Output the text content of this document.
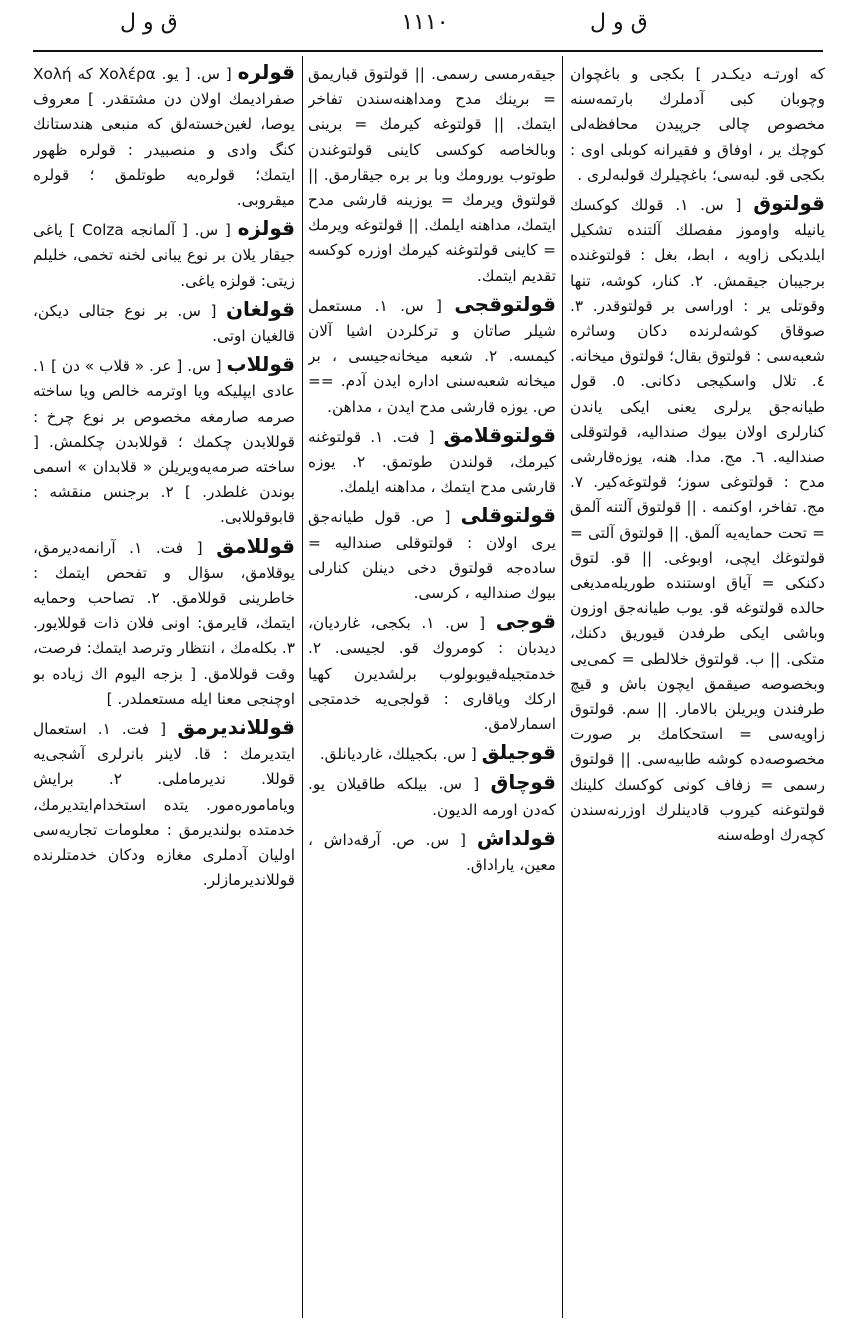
ق و ل	١١١٠	ق و ل
كه اورتـه دیكـدر ] بكجی و باغچوان وچوبان كبی آدملرك بارتمه‌سنه مخصوص چالی جرپیدن محافظه‌لی كوچك یر ، اوفاق و فقیرانه كوبلی اوی : بكجی قو. لبه‌سی؛ باغچیلرك قولبه‌لری .
قولتوق [ س. ١. قولك كوكسك یانیله واوموز مفصلك آلتنده تشكیل ایلدیكی زاویه ، ابط، بغل : قولتوغنده برجیبان جیقمش. ٢. كنار، كوشه، تنها وقوتلی یر : اوراسی بر قولتوقدر. ٣. صوقاق كوشه‌لرنده دكان وساثره شعبه‌سی : قولتوق بقال؛ قولتوق میخانه. ٤. تلال واسكیجی دكانی. ٥. قول طیانه‌جق یرلری یعنی ایكی یاندن كنارلری اولان بیوك صندالیه، قولتوقلی صندالیه. ٦. مج. مدا. هنه، یوزه‌قارشی مدح : قولتوغی سوز؛ قولتوغه‌كیر. ٧. مج. تفاخر، اوكنمه . || قولتوق آلتنه آلمق = تحت حمایه‌یه آلمق. || قولتوق آلتی = قولتوغك ایچی، اوبوغی. || قو. لتوق دكنكی = آیاق اوستنده طوریله‌مدیغی حالده قولتوغه قو. یوب طیانه‌جق اوزون وباشی ایكی طرفدن قیوریق دكنك، متكی. || ب. قولتوق خلالطی = كمی‌یی وبخصوصه صیقمق ایچون باش و قیچ طرفندن ویریلن بالامار. || سم. قولتوق زاویه‌سی = استحكامك بر صورت مخصوصه‌ده كوشه طابیه‌سی. || قولتوق رسمی = زفاف كونی كوكسك كلینك قولتوغنه كیروب قادینلرك اوزرنه‌سندن كچه‌رك اوطه‌سنه
جیقه‌رمسی رسمی. || قولتوق قباریمق = برینك مدح ومداهنه‌سندن تفاخر ایتمك. || قولتوغه كیرمك = برینی وبالخاصه كوكسی كاینی قولتوغندن طوتوب یورومك وبا بر بره جیقارمق. || قولتوق ویرمك = یوزینه قارشی مدح ایتمك، مداهنه ایلمك. || قولتوغه ویرمك = كاینی قولتوغنه كیرمك اوزره كوكسه تقدیم ایتمك.
قولتوقجی [ س. ١. مستعمل شیلر صاتان و تركلردن اشیا آلان كیمسه. ٢. شعبه میخانه‌جیسی ، بر میخانه شعبه‌سنی اداره ایدن آدم. == ص. یوزه قارشی مدح ایدن ، مداهن.
قولتوقلامق [ فت. ١. قولتوغنه كیرمك، قولندن طوتمق. ٢. یوزه قارشی مدح ایتمك ، مداهنه ایلمك.
قولتوقلی [ ص. قول طیانه‌جق یری اولان : قولتوقلی صندالیه = ساده‌جه قولتوق دخی دینلن كنارلی بیوك صندالیه ، كرسی.
قوجی [ س. ١. بكجی، غاردیان، دیدبان : كومروك قو. لجیسی. ٢. خدمتجیله‌قیوبولوب برلشدیرن كهیا اركك ویاقاری : قولجی‌یه خدمتجی اسمارلامق.
قوجیلق [ س. بكجیلك، غاردیانلق.
قوچاق [ س. بیلكه طاقیلان یو. كه‌دن اورمه الدیون.
قولداش [ س. ص. آرقه‌داش ، معین، یاراداق.
قولره [ س. [ یو. Χολέρα كه Χολή صفرادیمك اولان دن مشتقدر. ] معروف یوصا، لغین‌خسته‌لق كه منبعی هندستانك كنگ وادی و منصبیدر : قولره ظهور ایتمك؛ قولره‌یه طوتلمق ؛ قولره میقروبی.
قولزه [ س. [ آلمانجه Colza ] یاغی جیقار یلان بر نوع یبانی لخنه تخمی، خلیلم زیتی: قولزه یاغی.
قولغان [ س. بر نوع جتالی دیكن، قالغیان اوتی.
قوللاب [ س. [ عر. « قلاب » دن ] ١. عادی ایپلیكه ویا اوترمه خالص ویا ساخته صرمه صارمغه مخصوص بر نوع چرخ : قوللابدن چكمك ؛ قوللابدن چكلمش. [ ساخته صرمه‌یه‌ویریلن « قلابدان » اسمی بوندن غلطدر. ] ٢. برجنس منقشه : قابوقوللابی.
قوللامق [ فت. ١. آرانمه‌دیرمق، یوقلامق، سؤال و تفحص ایتمك : خاطرینی قوللامق. ٢. تصاحب وحمایه ایتمك، قایرمق: اونی فلان ذات قوللایور. ٣. بكله‌مك ، انتظار وترصد ایتمك: فرصت، وقت قوللامق. [ بزجه الیوم اك زیاده بو اوچنجی معنا ایله مستعملدر. ]
قوللاندیرمق [ فت. ١. استعمال ایتدیرمك : قا. لاینر بانرلری آشجی‌یه قوللا. ندیرماملی. ٢. برایش ویاماموره‌مور. یتده استخدام‌ایتدیرمك، خدمتده بولندیرمق : معلومات تجاریه‌سی اولیان آدملری مغازه ودكان خدمتلرنده قوللاندیرمازلر.
